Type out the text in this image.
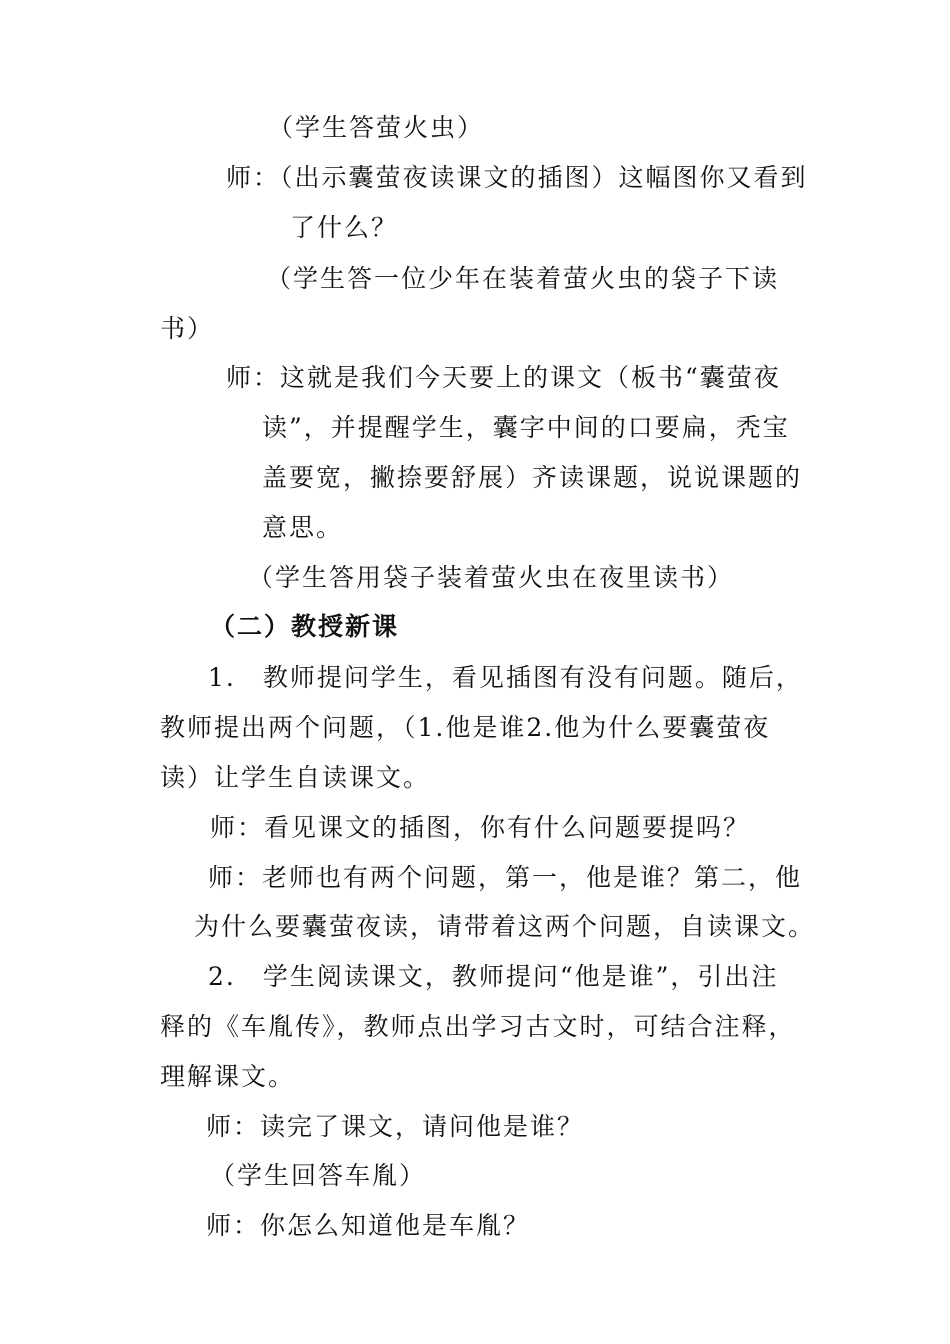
（学生答萤火虫）
师：（出示囊萤夜读课文的插图）这幅图你又看到
了什么？
（学生答一位少年在装着萤火虫的袋子下读
书）
师：这就是我们今天要上的课文（板书“囊萤夜
读”，并提醒学生，囊字中间的口要扁，秃宝
盖要宽，撇捺要舒展）齐读课题，说说课题的
意思。
（学生答用袋子装着萤火虫在夜里读书）
（二）教授新课
1.　教师提问学生，看见插图有没有问题。随后，
教师提出两个问题，（1.他是谁2.他为什么要囊萤夜
读）让学生自读课文。
师：看见课文的插图，你有什么问题要提吗？
师：老师也有两个问题，第一，他是谁？第二，他
为什么要囊萤夜读，请带着这两个问题，自读课文。
2.　学生阅读课文，教师提问“他是谁”，引出注
释的《车胤传》，教师点出学习古文时，可结合注释，
理解课文。
师：读完了课文，请问他是谁？
（学生回答车胤）
师：你怎么知道他是车胤？
